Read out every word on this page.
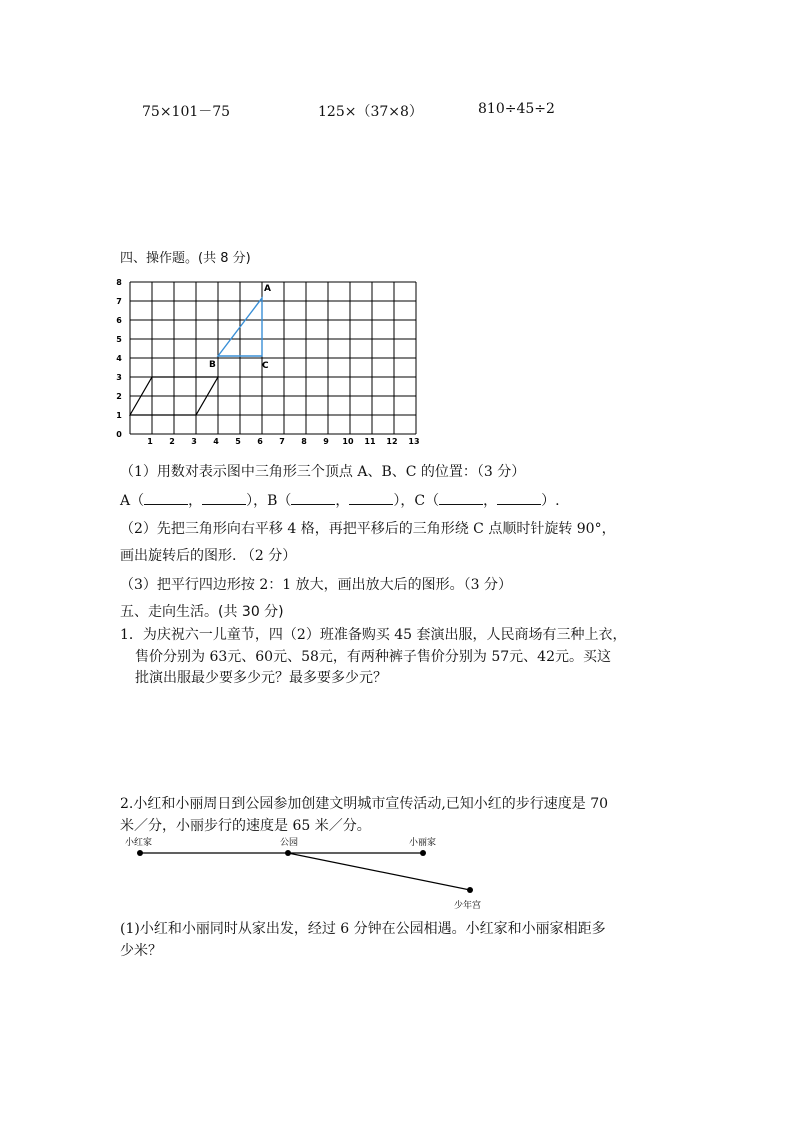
75×101－75	125×（37×8）	810÷45÷2
四、操作题。(共 8 分)
0
1
2
3
4
5
6
7
8
1 2 3 4 5 6 7 8 9 10 11 12 13
A
B	C
（1）用数对表示图中三角形三个顶点 A、B、C 的位置：（3 分）
A（	，	），B（	，	），C（	，	）.
（2）先把三角形向右平移 4 格，再把平移后的三角形绕 C 点顺时针旋转 90°，
画出旋转后的图形. （2 分）
（3）把平行四边形按 2：1 放大，画出放大后的图形。（3 分）
五、走向生活。(共 30 分)
1．为庆祝六一儿童节，四（2）班准备购买 45 套演出服，人民商场有三种上衣，
售价分别为 63元、60元、58元，有两种裤子售价分别为 57元、42元。买这
批演出服最少要多少元？最多要多少元？
2.小红和小丽周日到公园参加创建文明城市宣传活动,已知小红的步行速度是 70
米／分，小丽步行的速度是 65 米／分。
小红家	公园	小丽家
少年宫
(1)小红和小丽同时从家出发，经过 6 分钟在公园相遇。小红家和小丽家相距多
少米？
